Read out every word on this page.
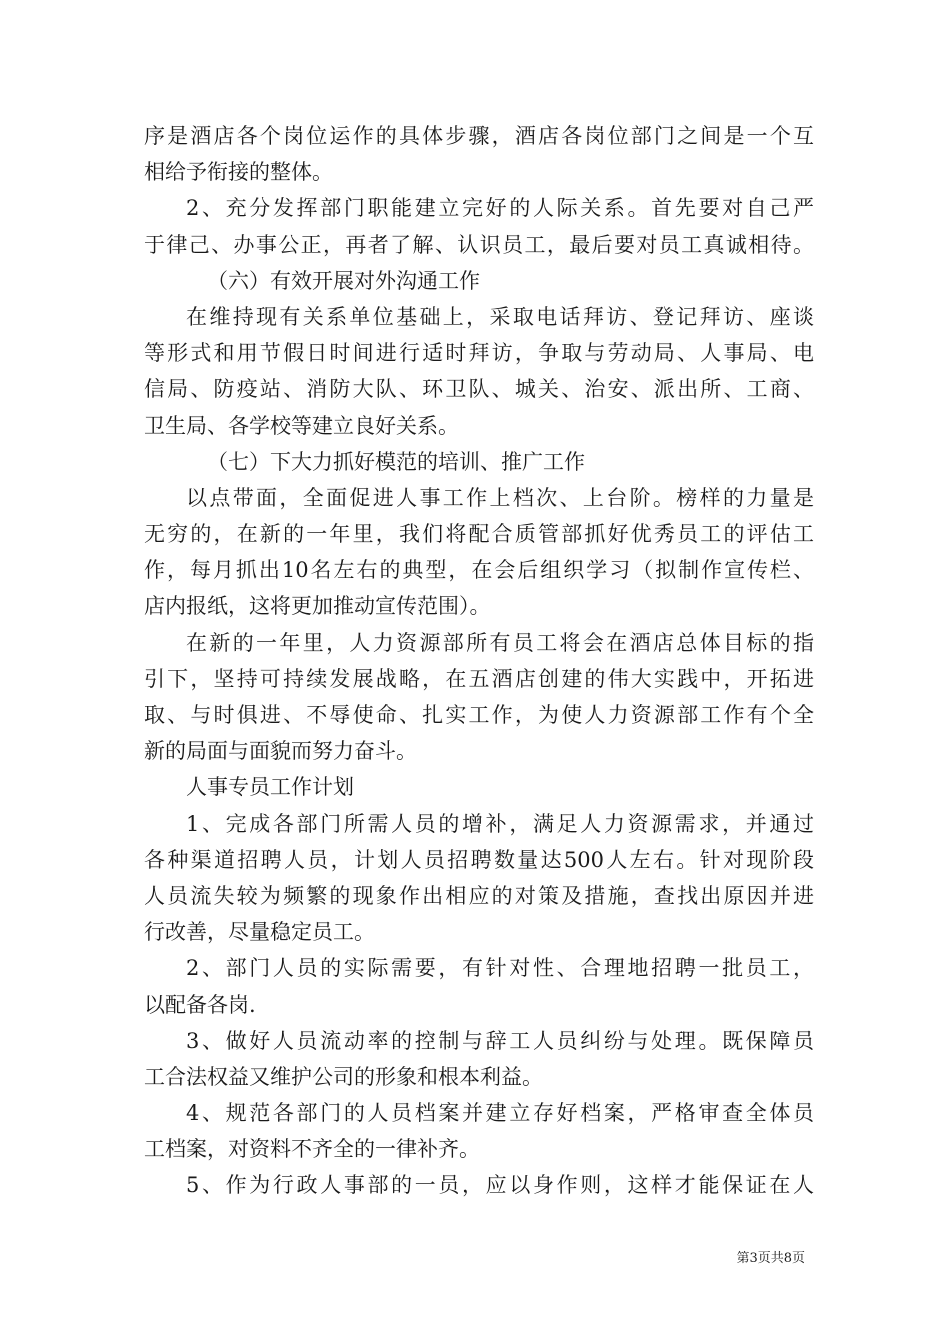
序是酒店各个岗位运作的具体步骤，酒店各岗位部门之间是一个互
相给予衔接的整体。
2、充分发挥部门职能建立完好的人际关系。首先要对自己严
于律己、办事公正，再者了解、认识员工，最后要对员工真诚相待。
（六）有效开展对外沟通工作
在维持现有关系单位基础上，采取电话拜访、登记拜访、座谈
等形式和用节假日时间进行适时拜访，争取与劳动局、人事局、电
信局、防疫站、消防大队、环卫队、城关、治安、派出所、工商、
卫生局、各学校等建立良好关系。
（七）下大力抓好模范的培训、推广工作
以点带面，全面促进人事工作上档次、上台阶。榜样的力量是
无穷的，在新的一年里，我们将配合质管部抓好优秀员工的评估工
作，每月抓出10名左右的典型，在会后组织学习（拟制作宣传栏、
店内报纸，这将更加推动宣传范围）。
在新的一年里，人力资源部所有员工将会在酒店总体目标的指
引下，坚持可持续发展战略，在五酒店创建的伟大实践中，开拓进
取、与时俱进、不辱使命、扎实工作，为使人力资源部工作有个全
新的局面与面貌而努力奋斗。
人事专员工作计划
1、完成各部门所需人员的增补，满足人力资源需求，并通过
各种渠道招聘人员，计划人员招聘数量达500人左右。针对现阶段
人员流失较为频繁的现象作出相应的对策及措施，查找出原因并进
行改善，尽量稳定员工。
2、部门人员的实际需要，有针对性、合理地招聘一批员工，
以配备各岗.
3、做好人员流动率的控制与辞工人员纠纷与处理。既保障员
工合法权益又维护公司的形象和根本利益。
4、规范各部门的人员档案并建立存好档案，严格审查全体员
工档案，对资料不齐全的一律补齐。
5、作为行政人事部的一员，应以身作则，这样才能保证在人
第3页共8页
